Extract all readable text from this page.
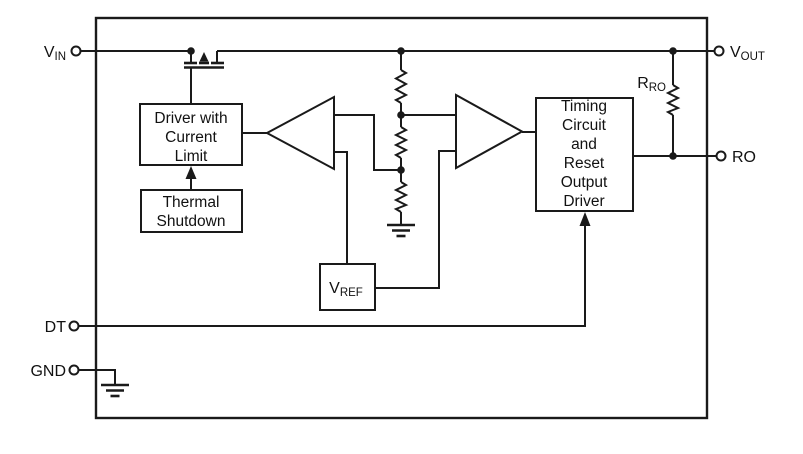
Driver with
Current
Limit
Thermal
Shutdown
Timing
Circuit
and
Reset
Output
Driver
VREF
RRO
VIN	VOUT
RO
DT
GND
